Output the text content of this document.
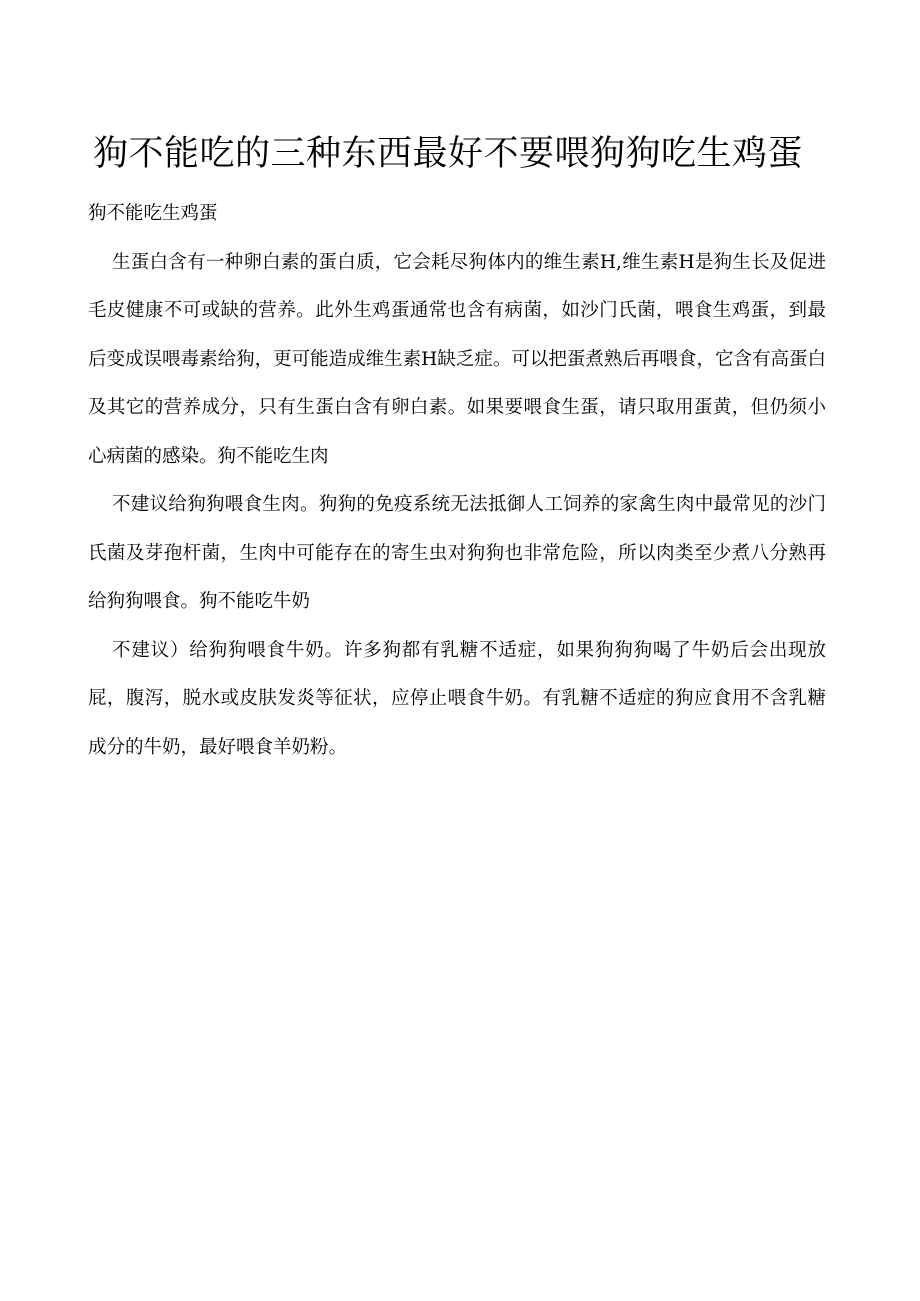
狗不能吃的三种东西最好不要喂狗狗吃生鸡蛋

狗不能吃生鸡蛋

生蛋白含有一种卵白素的蛋白质，它会耗尽狗体内的维生素H,维生素H是狗生长及促进毛皮健康不可或缺的营养。此外生鸡蛋通常也含有病菌，如沙门氏菌，喂食生鸡蛋，到最后变成误喂毒素给狗，更可能造成维生素H缺乏症。可以把蛋煮熟后再喂食，它含有高蛋白及其它的营养成分，只有生蛋白含有卵白素。如果要喂食生蛋，请只取用蛋黄，但仍须小心病菌的感染。狗不能吃生肉

不建议给狗狗喂食生肉。狗狗的免疫系统无法抵御人工饲养的家禽生肉中最常见的沙门氏菌及芽孢杆菌，生肉中可能存在的寄生虫对狗狗也非常危险，所以肉类至少煮八分熟再给狗狗喂食。狗不能吃牛奶

不建议）给狗狗喂食牛奶。许多狗都有乳糖不适症，如果狗狗狗喝了牛奶后会出现放屁，腹泻，脱水或皮肤发炎等征状，应停止喂食牛奶。有乳糖不适症的狗应食用不含乳糖成分的牛奶，最好喂食羊奶粉。
